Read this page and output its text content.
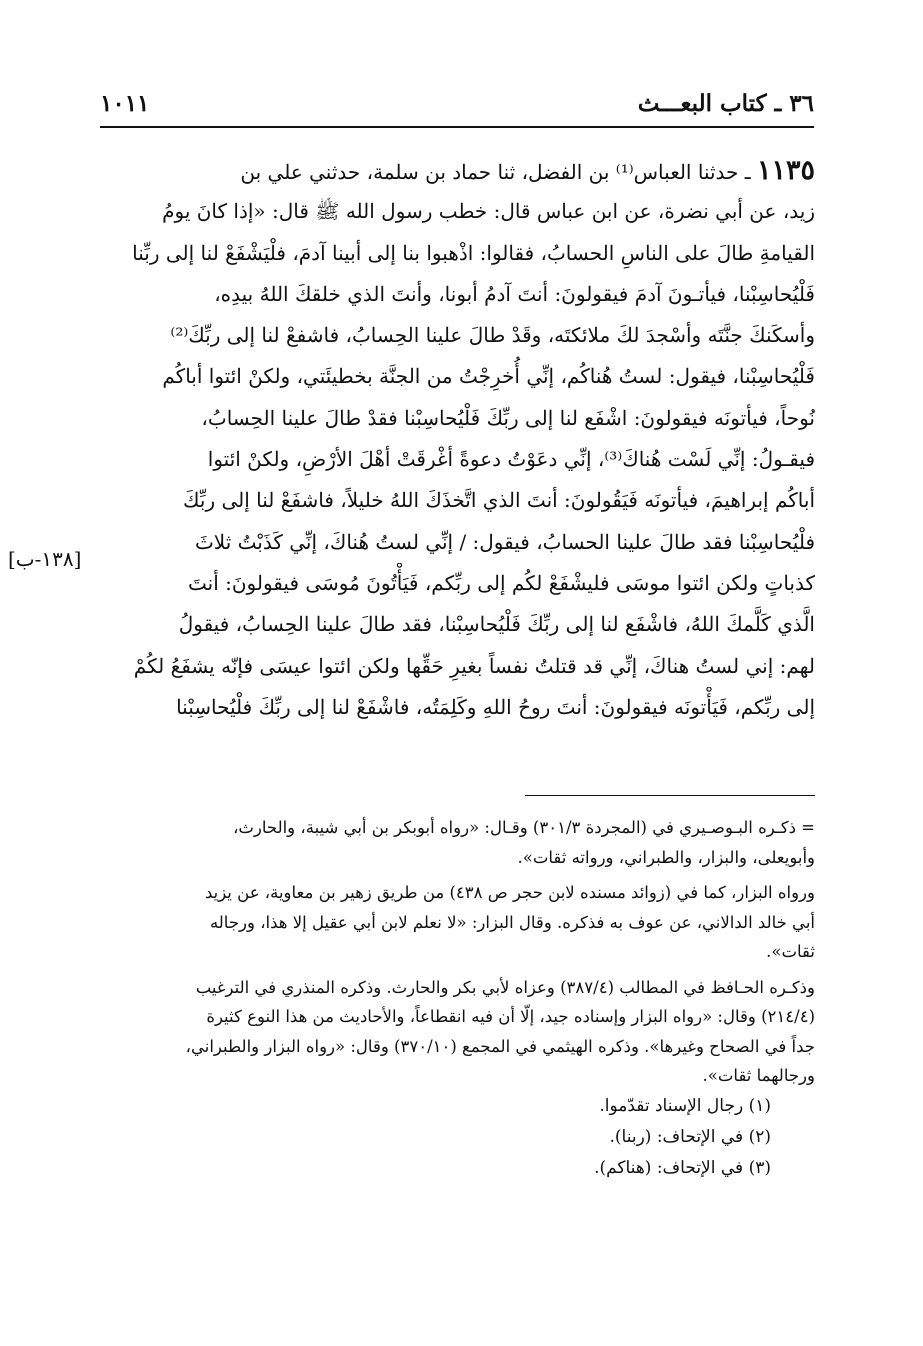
٣٦ ـ كتاب البعـــث
١٠١١
١١٣٥ ـ حدثنا العباس⁽¹⁾ بن الفضل، ثنا حماد بن سلمة، حدثني علي بن
زيد، عن أبي نضرة، عن ابن عباس قال: خطب رسول الله ﷺ قال: «إذا كانَ يومُ
القيامةِ طالَ على الناسِ الحسابُ، فقالوا: اذْهبوا بنا إلى أبينا آدمَ، فلْيَشْفَعْ لنا إلى ربِّنا
فَلْيُحاسِبْنا، فيأتـونَ آدمَ فيقولونَ: أنتَ آدمُ أبونا، وأنتَ الذي خلقكَ اللهُ بيدِه،
وأسكَنكَ جنَّتَه وأسْجدَ لكَ ملائكتَه، وقَدْ طالَ علينا الحِسابُ، فاشفعْ لنا إلى ربِّكَ⁽²⁾
فَلْيُحاسِبْنا، فيقول: لستُ هُناكُم، إنِّي أُخرِجْتُ من الجنَّة بخطيئَتي، ولكنْ ائتوا أباكُم
نُوحاً، فيأتونَه فيقولونَ: اشْفَع لنا إلى ربِّكَ فَلْيُحاسِبْنا فقدْ طالَ علينا الحِسابُ،
فيقـولُ: إنِّي لَسْت هُناكَ⁽³⁾، إنِّي دعَوْتُ دعوةً أغْرقَتْ أهْلَ الأرْضِ، ولكنْ ائتوا
أباكُم إبراهيمَ، فيأتونَه فَيَقُولونَ: أنتَ الذي اتَّخذَكَ اللهُ خليلاً، فاشفَعْ لنا إلى ربِّكَ
فلْيُحاسِبْنا فقد طالَ علينا الحسابُ، فيقول: / إنِّي لستُ هُناكَ، إنِّي كَذَبْتُ ثلاثَ
كذباتٍ ولكن ائتوا موسَى فليشْفَعْ لكُم إلى ربِّكم، فَيَأْتُونَ مُوسَى فيقولونَ: أنتَ
الَّذي كَلَّمكَ اللهُ، فاشْفَع لنا إلى ربِّكَ فَلْيُحاسِبْنا، فقد طالَ علينا الحِسابُ، فيقولُ
لهم: إني لستُ هناكَ، إنِّي قد قتلتُ نفساً بغيرِ حَقِّها ولكن ائتوا عيسَى فإنّه يشفَعُ لكُمْ
إلى ربِّكم، فَيَأْتونَه فيقولونَ: أنتَ روحُ اللهِ وكَلِمَتُه، فاشْفَعْ لنا إلى ربِّكَ فلْيُحاسِبْنا
[١٣٨-ب]
= ذكـره البـوصـيري في (المجردة ٣٠١/٣) وقـال: «رواه أبوبكر بن أبي شيبة، والحارث،
وأبويعلى، والبزار، والطبراني، ورواته ثقات».
ورواه البزار، كما في (زوائد مسنده لابن حجر ص ٤٣٨) من طريق زهير بن معاوية، عن يزيد
أبي خالد الدالاني، عن عوف به فذكره. وقال البزار: «لا نعلم لابن أبي عقيل إلا هذا، ورجاله
ثقات».
وذكـره الحـافظ في المطالب (٣٨٧/٤) وعزاه لأبي بكر والحارث. وذكره المنذري في الترغيب
(٢١٤/٤) وقال: «رواه البزار وإسناده جيد، إلّا أن فيه انقطاعاً، والأحاديث من هذا النوع كثيرة
جداً في الصحاح وغيرها». وذكره الهيثمي في المجمع (٣٧٠/١٠) وقال: «رواه البزار والطبراني،
ورجالهما ثقات».
(١) رجال الإسناد تقدّموا.
(٢) في الإتحاف: (ربنا).
(٣) في الإتحاف: (هناكم).
